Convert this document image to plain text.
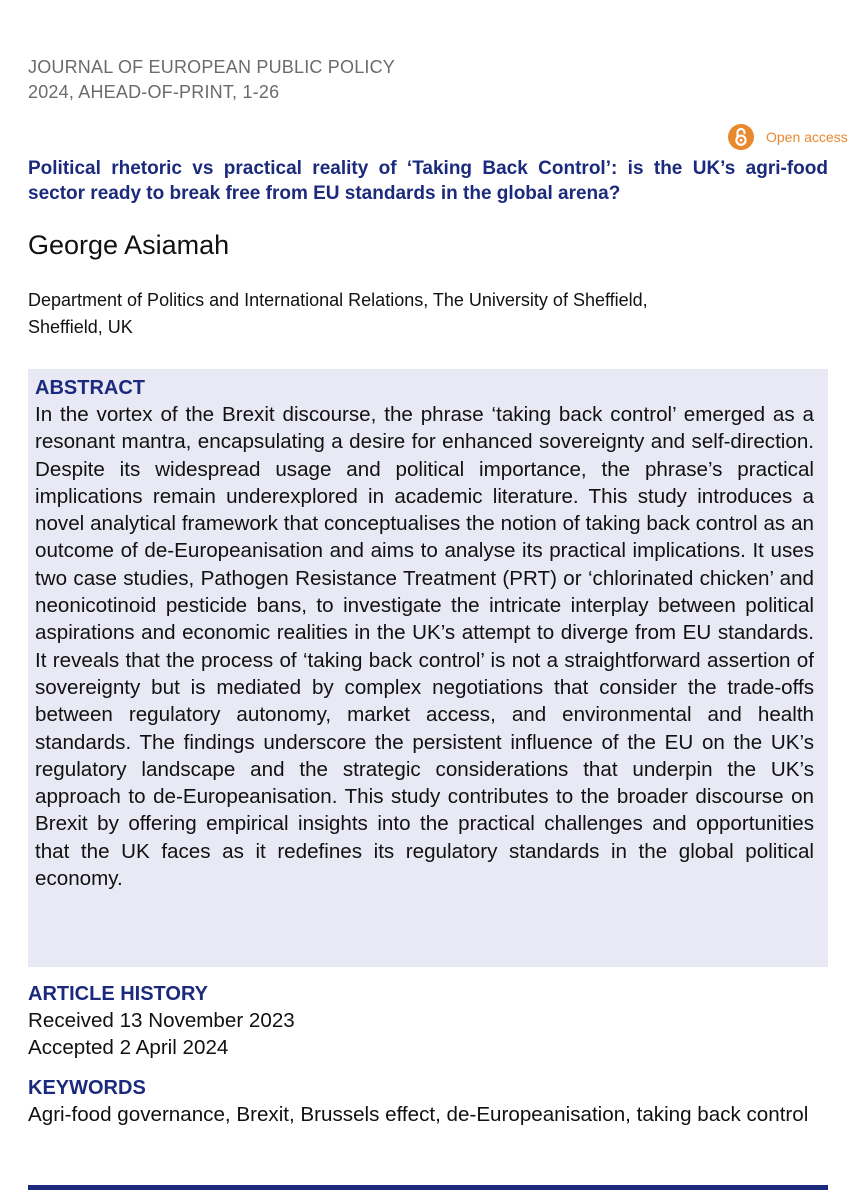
JOURNAL OF EUROPEAN PUBLIC POLICY
2024, AHEAD-OF-PRINT, 1-26
Open access
Political rhetoric vs practical reality of ‘Taking Back Control’: is the UK’s agri-food sector ready to break free from EU standards in the global arena?
George Asiamah
Department of Politics and International Relations, The University of Sheffield,
Sheffield, UK
ABSTRACT
In the vortex of the Brexit discourse, the phrase ‘taking back control’ emerged as a resonant mantra, encapsulating a desire for enhanced sovereignty and self-direction. Despite its widespread usage and political importance, the phrase’s practical implications remain underexplored in academic literature. This study introduces a novel analytical framework that conceptualises the notion of taking back control as an outcome of de-Europeanisation and aims to analyse its practical implications. It uses two case studies, Pathogen Resistance Treatment (PRT) or ‘chlorinated chicken’ and neonicotinoid pesticide bans, to investigate the intricate interplay between political aspirations and economic realities in the UK’s attempt to diverge from EU standards. It reveals that the process of ‘taking back control’ is not a straightforward assertion of sovereignty but is mediated by complex negotiations that consider the trade-offs between regulatory autonomy, market access, and environmental and health standards. The findings underscore the persistent influence of the EU on the UK’s regulatory landscape and the strategic considerations that underpin the UK’s approach to de-Europeanisation. This study contributes to the broader discourse on Brexit by offering empirical insights into the practical challenges and opportunities that the UK faces as it redefines its regulatory standards in the global political economy.
ARTICLE HISTORY
Received 13 November 2023
Accepted 2 April 2024
KEYWORDS
Agri-food governance, Brexit, Brussels effect, de-Europeanisation, taking back control
